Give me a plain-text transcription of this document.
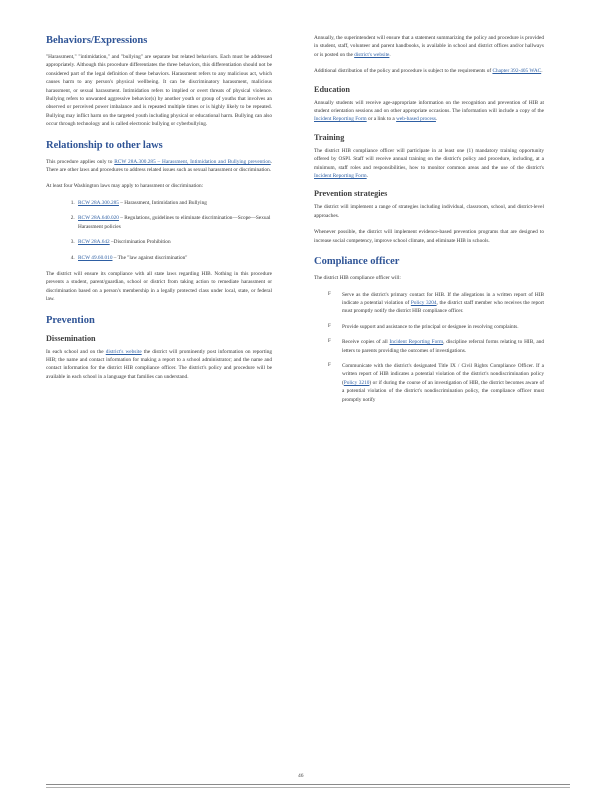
Behaviors/Expressions

"Harassment," "intimidation," and "bullying" are separate but related behaviors. Each must be addressed appropriately. Although this procedure differentiates the three behaviors, this differentiation should not be considered part of the legal definition of these behaviors. Harassment refers to any malicious act, which causes harm to any person's physical wellbeing. It can be discriminatory harassment, malicious harassment, or sexual harassment. Intimidation refers to implied or overt threats of physical violence. Bullying refers to unwanted aggressive behavior(s) by another youth or group of youths that involves an observed or perceived power imbalance and is repeated multiple times or is highly likely to be repeated. Bullying may inflict harm on the targeted youth including physical or educational harm. Bullying can also occur through technology and is called electronic bullying or cyberbullying.

Relationship to other laws

This procedure applies only to RCW 28A.300.285 – Harassment, Intimidation and Bullying prevention. There are other laws and procedures to address related issues such as sexual harassment or discrimination.

At least four Washington laws may apply to harassment or discrimination:

1. RCW 28A.300.285 – Harassment, Intimidation and Bullying
2. RCW 28A.640.020 – Regulations, guidelines to eliminate discrimination—Scope—Sexual Harassment policies
3. RCW 28A.642 –Discrimination Prohibition
4. RCW 49.60.010 – The "law against discrimination"

The district will ensure its compliance with all state laws regarding HIB. Nothing in this procedure prevents a student, parent/guardian, school or district from taking action to remediate harassment or discrimination based on a person's membership in a legally protected class under local, state, or federal law.

Prevention
Dissemination

In each school and on the district's website the district will prominently post information on reporting HIB; the name and contact information for making a report to a school administrator; and the name and contact information for the district HIB compliance officer. The district's policy and procedure will be available in each school in a language that families can understand.

Annually, the superintendent will ensure that a statement summarizing the policy and procedure is provided in student, staff, volunteer and parent handbooks, is available in school and district offices and/or hallways or is posted on the district's website.

Additional distribution of the policy and procedure is subject to the requirements of Chapter 392-405 WAC.

Education

Annually students will receive age-appropriate information on the recognition and prevention of HIB at student orientation sessions and on other appropriate occasions. The information will include a copy of the Incident Reporting Form or a link to a web-based process.

Training

The district HIB compliance officer will participate in at least one (1) mandatory training opportunity offered by OSPI. Staff will receive annual training on the district's policy and procedure, including, at a minimum, staff roles and responsibilities, how to monitor common areas and the use of the district's Incident Reporting Form.

Prevention strategies

The district will implement a range of strategies including individual, classroom, school, and district-level approaches.

Whenever possible, the district will implement evidence-based prevention programs that are designed to increase social competency, improve school climate, and eliminate HIB in schools.

Compliance officer

The district HIB compliance officer will:

F Serve as the district's primary contact for HIB. If the allegations in a written report of HIB indicate a potential violation of Policy 3204, the district staff member who receives the report must promptly notify the district HIB compliance officer.
F Provide support and assistance to the principal or designee in resolving complaints.
F Receive copies of all Incident Reporting Form, discipline referral forms relating to HIB, and letters to parents providing the outcomes of investigations.
F Communicate with the district's designated Title IX / Civil Rights Compliance Officer. If a written report of HIB indicates a potential violation of the district's nondiscrimination policy (Policy 3210) or if during the course of an investigation of HIB, the district becomes aware of a potential violation of the district's nondiscrimination policy, the compliance officer must promptly notify
46
